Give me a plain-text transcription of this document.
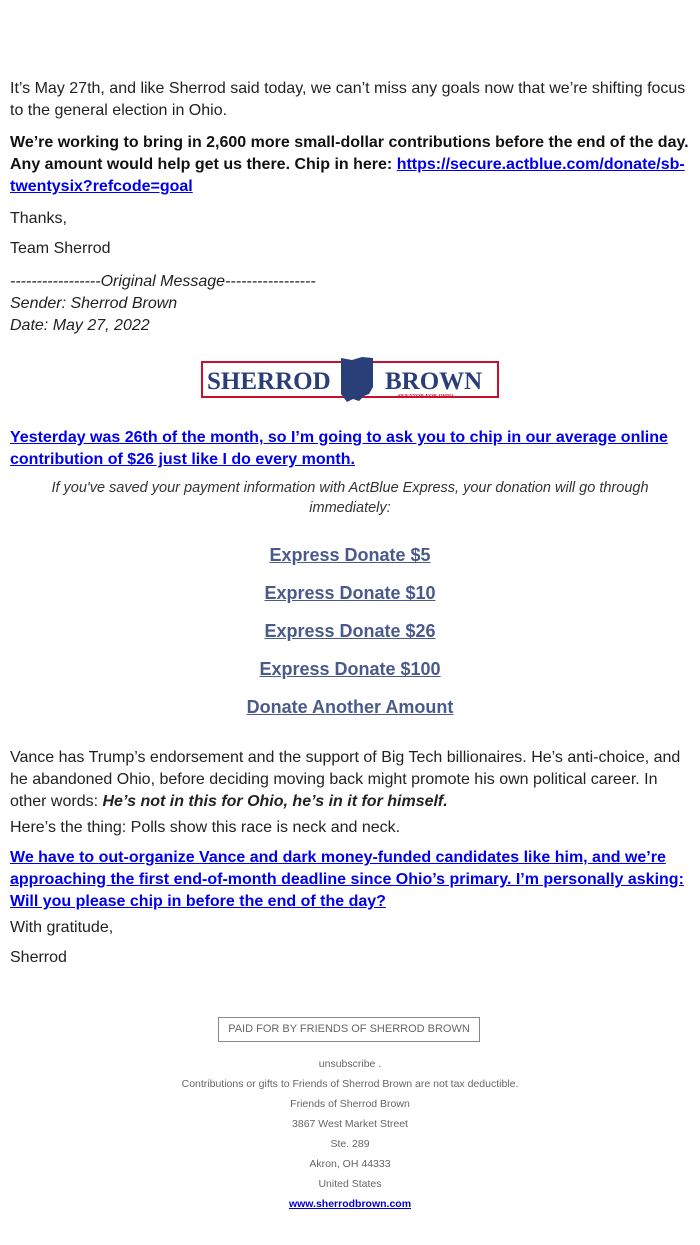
It’s May 27th, and like Sherrod said today, we can’t miss any goals now that we’re shifting focus to the general election in Ohio.

We’re working to bring in 2,600 more small-dollar contributions before the end of the day. Any amount would help get us there. Chip in here: https://secure.actblue.com/donate/sb-twentysix?refcode=goal

Thanks,

Team Sherrod

-----------------Original Message-----------------

Sender: Sherrod Brown

Date: May 27, 2022

SHERROD BROWN
SENATOR FOR OHIO

Yesterday was 26th of the month, so I’m going to ask you to chip in our average online contribution of $26 just like I do every month.

If you've saved your payment information with ActBlue Express, your donation will go through immediately:
Express Donate $5
Express Donate $10
Express Donate $26
Express Donate $100
Donate Another Amount

Vance has Trump’s endorsement and the support of Big Tech billionaires. He’s anti-choice, and he abandoned Ohio, before deciding moving back might promote his own political career. In other words: He’s not in this for Ohio, he’s in it for himself.

Here’s the thing: Polls show this race is neck and neck.

We have to out-organize Vance and dark money-funded candidates like him, and we’re approaching the first end-of-month deadline since Ohio’s primary. I’m personally asking: Will you please chip in before the end of the day?

With gratitude,

Sherrod

PAID FOR BY FRIENDS OF SHERROD BROWN
unsubscribe .
Contributions or gifts to Friends of Sherrod Brown are not tax deductible.
Friends of Sherrod Brown
3867 West Market Street
Ste. 289
Akron, OH 44333
United States
www.sherrodbrown.com
